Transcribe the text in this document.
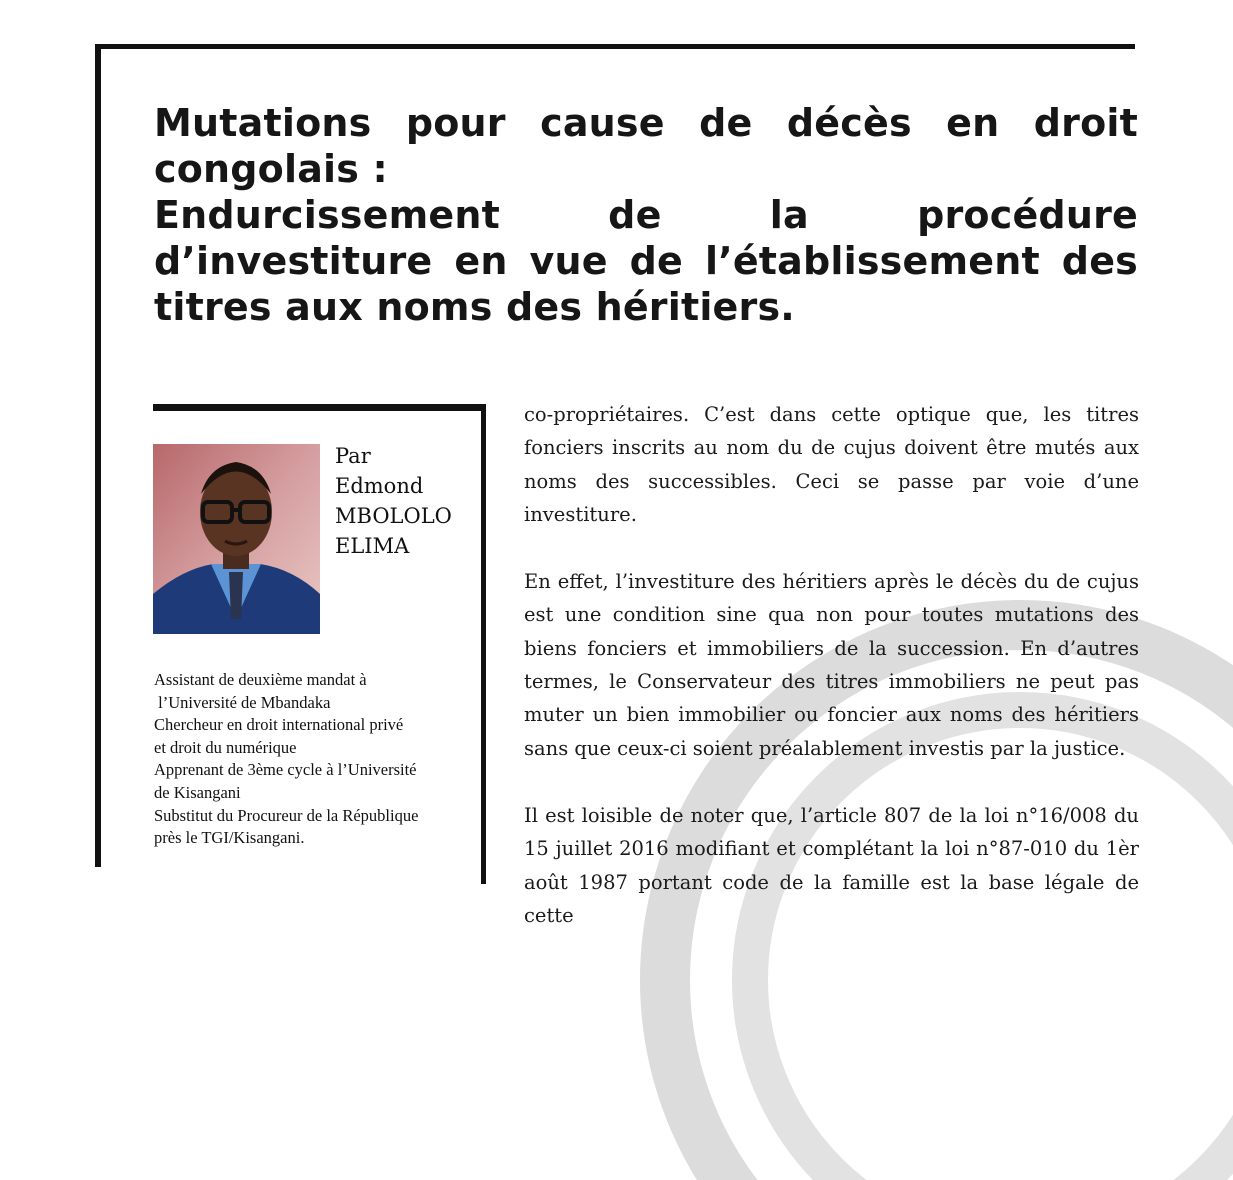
Mutations pour cause de décès en droit congolais :
Endurcissement de la procédure d’investiture en vue de l’établissement des titres aux noms des héritiers.
Par
Edmond
MBOLOLO
ELIMA
Assistant de deuxième mandat à
l’Université de Mbandaka
Chercheur en droit international privé
et droit du numérique
Apprenant de 3ème cycle à l’Université
de Kisangani
Substitut du Procureur de la République
près le TGI/Kisangani.

co-propriétaires. C’est dans cette optique que, les titres fonciers inscrits au nom du de cujus doivent être mutés aux noms des successibles. Ceci se passe par voie d’une investiture.

En effet, l’investiture des héritiers après le décès du de cujus est une condition sine qua non pour toutes mutations des biens fonciers et immobiliers de la succession. En d’autres termes, le Conservateur des titres immobiliers ne peut pas muter un bien immobilier ou foncier aux noms des héritiers sans que ceux-ci soient préalablement investis par la justice.

Il est loisible de noter que, l’article 807 de la loi n°16/008 du 15 juillet 2016 modifiant et complétant la loi n°87-010 du 1èr août 1987 portant code de la famille est la base légale de cette
